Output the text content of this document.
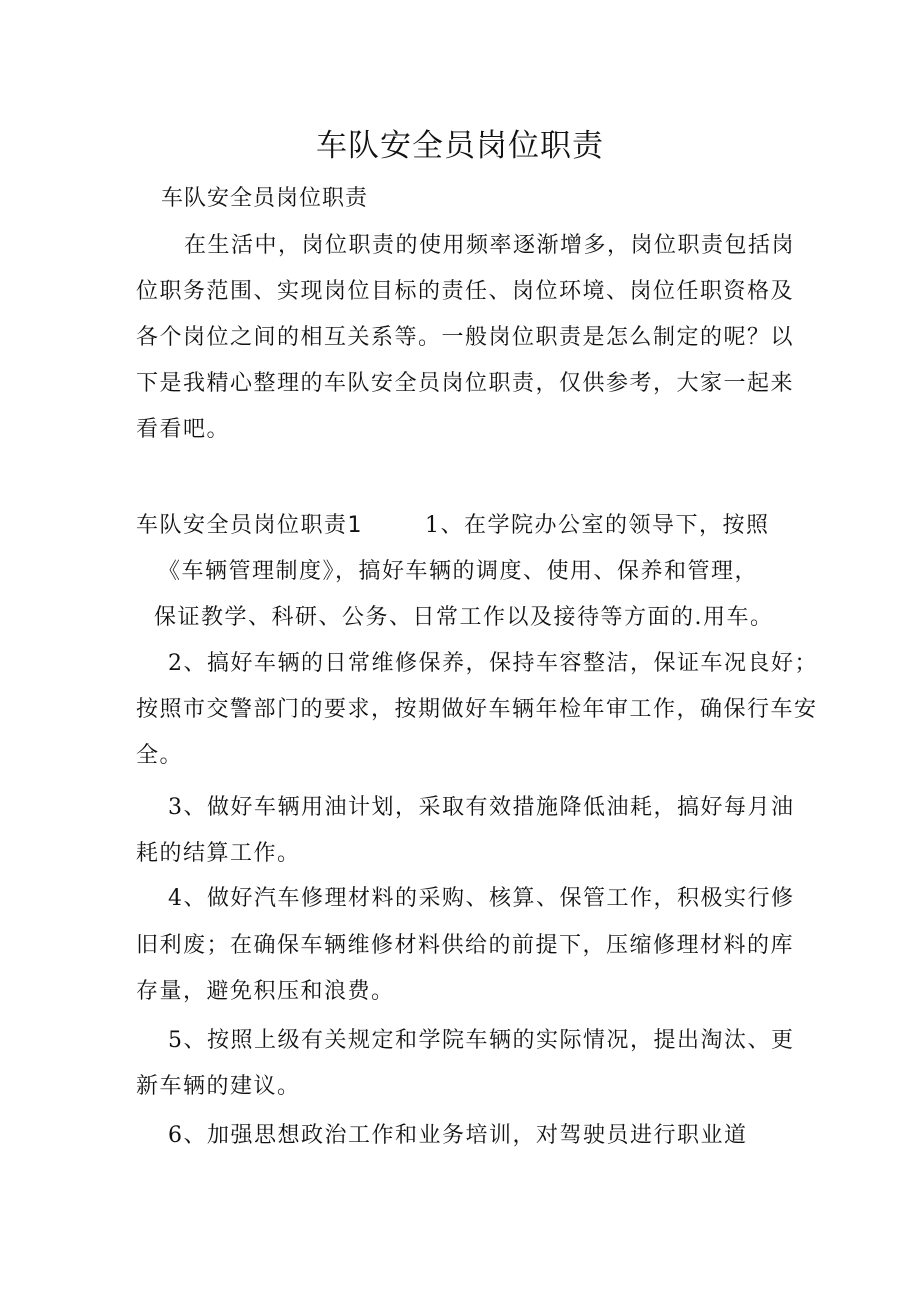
车队安全员岗位职责

车队安全员岗位职责

在生活中，岗位职责的使用频率逐渐增多，岗位职责包括岗

位职务范围、实现岗位目标的责任、岗位环境、岗位任职资格及

各个岗位之间的相互关系等。一般岗位职责是怎么制定的呢？以

下是我精心整理的车队安全员岗位职责，仅供参考，大家一起来

看看吧。

车队安全员岗位职责1	1、在学院办公室的领导下，按照

《车辆管理制度》，搞好车辆的调度、使用、保养和管理，

保证教学、科研、公务、日常工作以及接待等方面的.用车。

2、搞好车辆的日常维修保养，保持车容整洁，保证车况良好；

按照市交警部门的要求，按期做好车辆年检年审工作，确保行车安

全。

3、做好车辆用油计划，采取有效措施降低油耗，搞好每月油

耗的结算工作。

4、做好汽车修理材料的采购、核算、保管工作，积极实行修

旧利废；在确保车辆维修材料供给的前提下，压缩修理材料的库

存量，避免积压和浪费。

5、按照上级有关规定和学院车辆的实际情况，提出淘汰、更

新车辆的建议。

6、加强思想政治工作和业务培训，对驾驶员进行职业道
